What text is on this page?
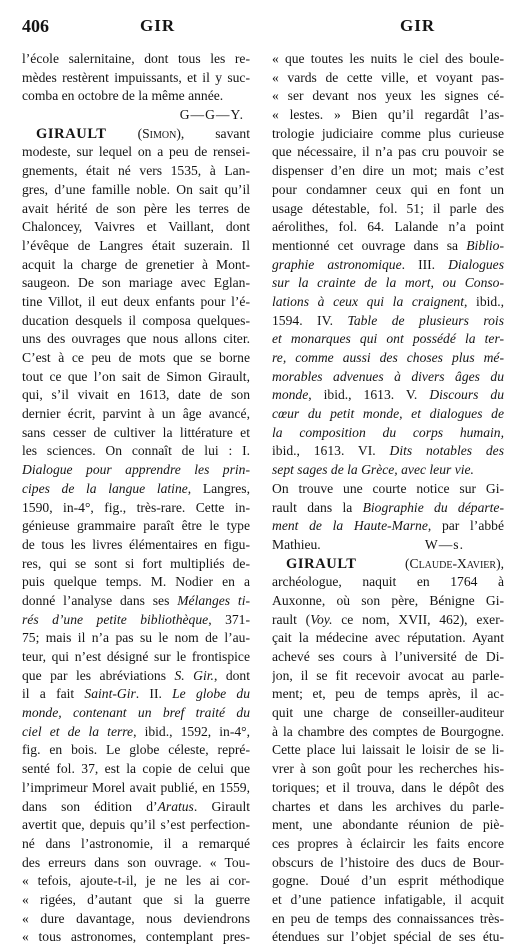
406	GIR	GIR
l’école salernitaine, dont tous les re-
mèdes restèrent impuissants, et il y suc-
comba en octobre de la même année.
G—G—Y.
GIRAULT (Simon), savant
modeste, sur lequel on a peu de rensei-
gnements, était né vers 1535, à Lan-
gres, d’une famille noble. On sait qu’il
avait hérité de son père les terres de
Chalonceу, Vaivres et Vaillant, dont
l’évêque de Langres était suzerain. Il
acquit la charge de grenetier à Mont-
saugeon. De son mariage avec Eglan-
tine Villot, il eut deux enfants pour l’é-
ducation desquels il composa quelques-
uns des ouvrages que nous allons citer.
C’est à ce peu de mots que se borne
tout ce que l’on sait de Simon Girault,
qui, s’il vivait en 1613, date de son
dernier écrit, parvint à un âge avancé,
sans cesser de cultiver la littérature et
les sciences. On connaît de lui : I.
Dialogue pour apprendre les prin-
cipes de la langue latine, Langres,
1590, in-4°, fig., très-rare. Cette in-
génieuse grammaire paraît être le type
de tous les livres élémentaires en figu-
res, qui se sont si fort multipliés de-
puis quelque temps. M. Nodier en a
donné l’analyse dans ses Mélanges ti-
rés d’une petite bibliothèque, 371-
75; mais il n’a pas su le nom de l’au-
teur, qui n’est désigné sur le frontispice
que par les abréviations S. Gir., dont
il a fait Saint-Gir. II. Le globe du
monde, contenant un bref traité du
ciel et de la terre, ibid., 1592, in-4°,
fig. en bois. Le globe céleste, repré-
senté fol. 37, est la copie de celui que
l’imprimeur Morel avait publié, en 1559,
dans son édition d’Aratus. Girault
avertit que, depuis qu’il s’est perfection-
né dans l’astronomie, il a remarqué
des erreurs dans son ouvrage. « Tou-
« tefois, ajoute-t-il, je ne les ai cor-
« rigées, d’autant que si la guerre
« dure davantage, nous deviendrons
« tous astronomes, contemplant pres-
« que toutes les nuits le ciel des boule-
« vards de cette ville, et voyant pas-
« ser devant nos yeux les signes cé-
« lestes. » Bien qu’il regardât l’as-
trologie judiciaire comme plus curieuse
que nécessaire, il n’a pas cru pouvoir se
dispenser d’en dire un mot; mais c’est
pour condamner ceux qui en font un
usage détestable, fol. 51; il parle des
aérolithes, fol. 64. Lalande n’a point
mentionné cet ouvrage dans sa Biblio-
graphie astronomique. III. Dialogues
sur la crainte de la mort, ou Conso-
lations à ceux qui la craignent, ibid.,
1594. IV. Table de plusieurs rois
et monarques qui ont possédé la ter-
re, comme aussi des choses plus mé-
morables advenues à divers âges du
monde, ibid., 1613. V. Discours du
cœur du petit monde, et dialogues de
la composition du corps humain,
ibid., 1613. VI. Dits notables des
sept sages de la Grèce, avec leur vie.
On trouve une courte notice sur Gi-
rault dans la Biographie du départe-
ment de la Haute-Marne, par l’abbé
Mathieu.	W—s.
GIRAULT (Claude-Xavier),
archéologue, naquit en 1764 à
Auxonne, où son père, Bénigne Gi-
rault (Voy. ce nom, XVII, 462), exer-
çait la médecine avec réputation. Ayant
achevé ses cours à l’université de Di-
jon, il se fit recevoir avocat au parle-
ment; et, peu de temps après, il ac-
quit une charge de conseiller-auditeur
à la chambre des comptes de Bourgogne.
Cette place lui laissait le loisir de se li-
vrer à son goût pour les recherches his-
toriques; et il trouva, dans le dépôt des
chartes et dans les archives du parle-
ment, une abondante réunion de piè-
ces propres à éclaircir les faits encore
obscurs de l’histoire des ducs de Bour-
gogne. Doué d’un esprit méthodique
et d’une patience infatigable, il acquit
en peu de temps des connaissances très-
étendues sur l’objet spécial de ses étu-
